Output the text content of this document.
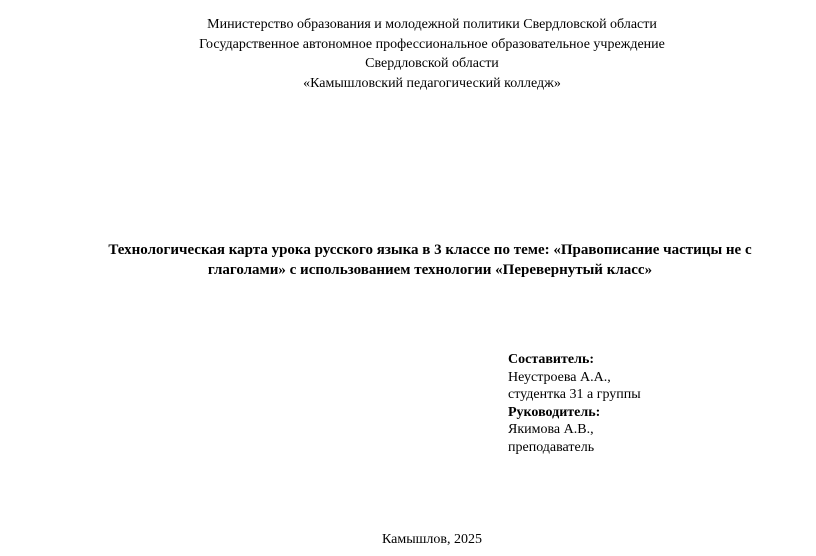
Министерство образования и молодежной политики Свердловской области
Государственное автономное профессиональное образовательное учреждение
Свердловской области
«Камышловский педагогический колледж»
Технологическая карта урока русского языка в 3 классе по теме: «Правописание частицы не с
глаголами» с использованием технологии «Перевернутый класс»
Составитель:
Неустроева А.А.,
студентка 31 а группы
Руководитель:
Якимова А.В.,
преподаватель
Камышлов, 2025
